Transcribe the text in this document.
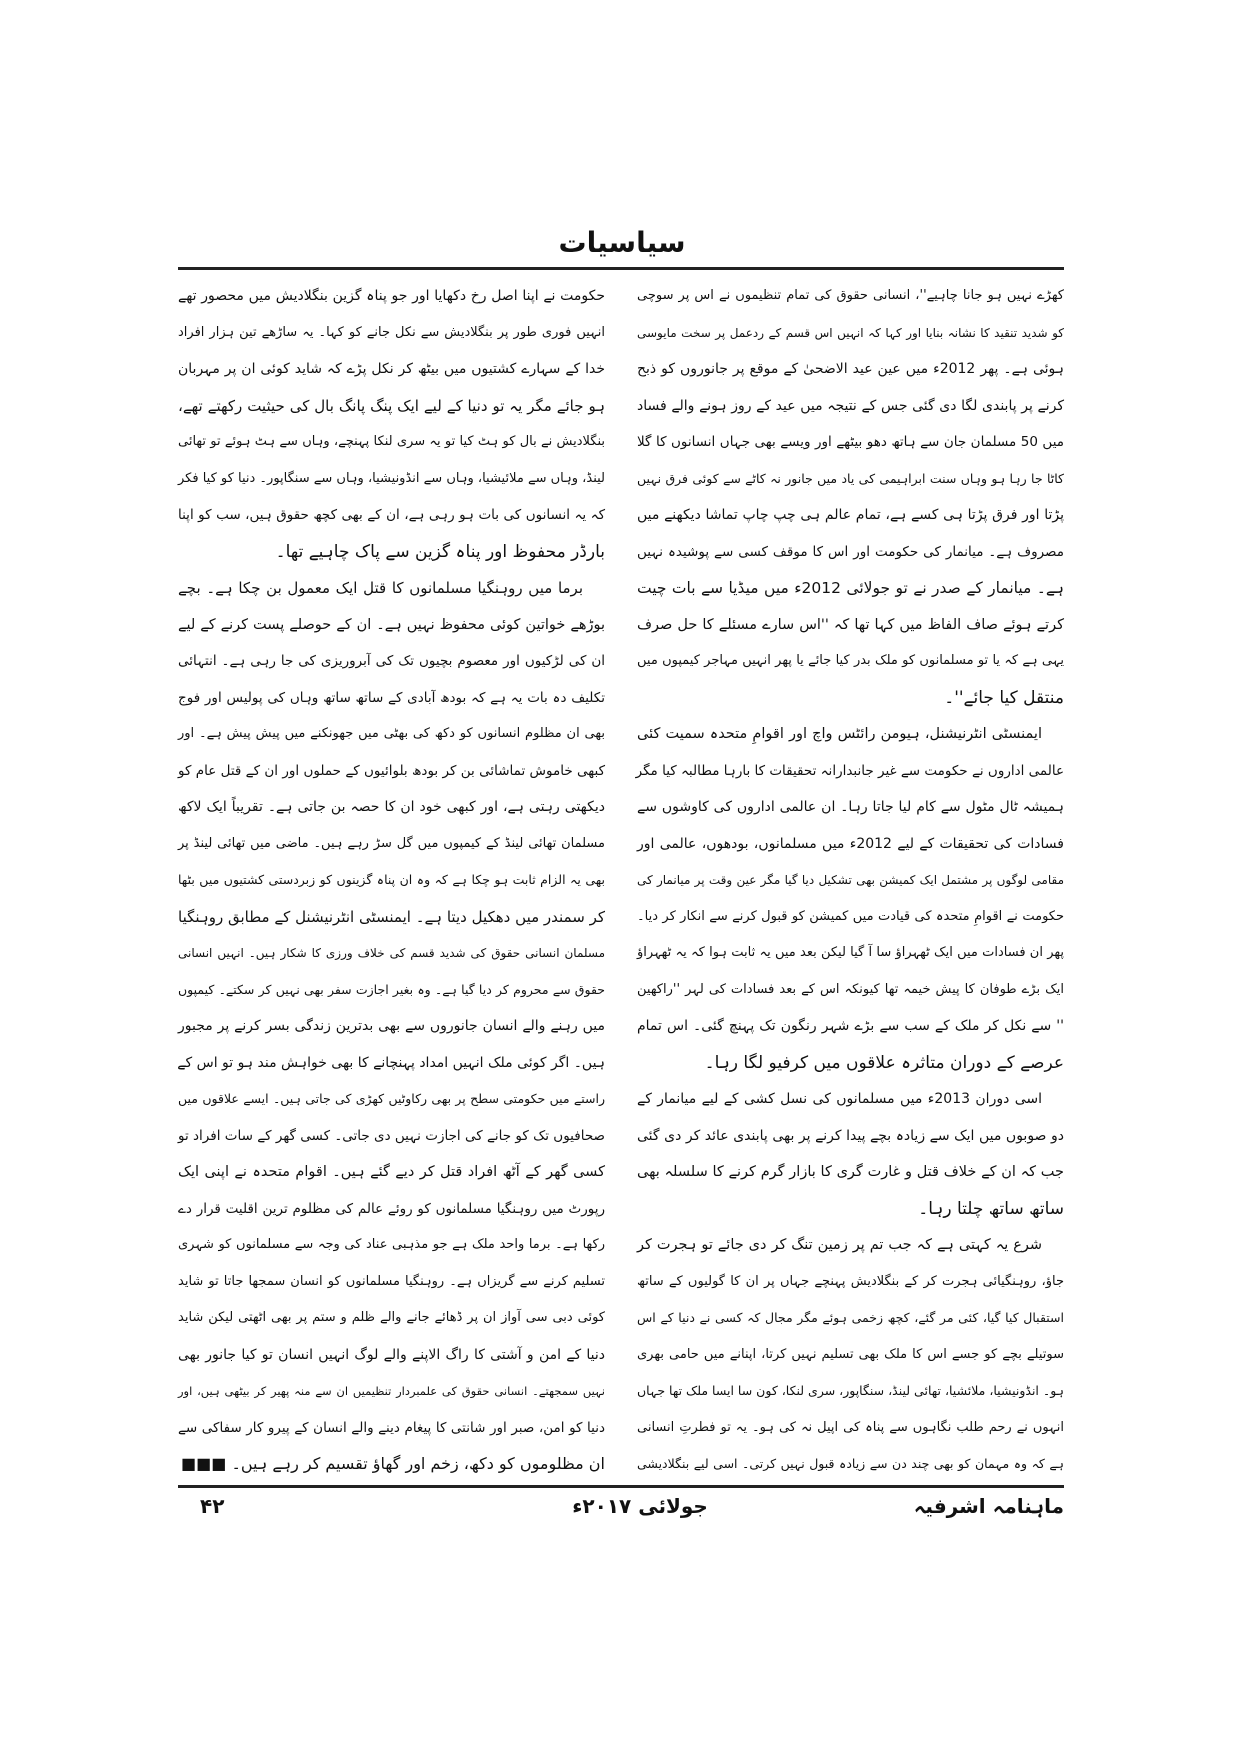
سیاسیات
کھڑے نہیں ہو جانا چاہیے''، انسانی حقوق کی تمام تنظیموں نے اس پر سوچی
کو شدید تنقید کا نشانہ بنایا اور کہا کہ انہیں اس قسم کے ردعمل پر سخت مایوسی
ہوئی ہے۔ پھر 2012ء میں عین عید الاضحیٰ کے موقع پر جانوروں کو ذبح
کرنے پر پابندی لگا دی گئی جس کے نتیجہ میں عید کے روز ہونے والے فساد
میں 50 مسلمان جان سے ہاتھ دھو بیٹھے اور ویسے بھی جہاں انسانوں کا گلا
کاٹا جا رہا ہو وہاں سنت ابراہیمی کی یاد میں جانور نہ کاٹے سے کوئی فرق نہیں
پڑتا اور فرق پڑتا ہی کسے ہے، تمام عالم ہی چپ چاپ تماشا دیکھنے میں
مصروف ہے۔ میانمار کی حکومت اور اس کا موقف کسی سے پوشیدہ نہیں
ہے۔ میانمار کے صدر نے تو جولائی 2012ء میں میڈیا سے بات چیت
کرتے ہوئے صاف الفاظ میں کہا تھا کہ ''اس سارے مسئلے کا حل صرف
یہی ہے کہ یا تو مسلمانوں کو ملک بدر کیا جائے یا پھر انہیں مہاجر کیمپوں میں
منتقل کیا جائے''۔
ایمنسٹی انٹرنیشنل، ہیومن رائٹس واچ اور اقوامِ متحدہ سمیت کئی
عالمی اداروں نے حکومت سے غیر جانبدارانہ تحقیقات کا بارہا مطالبہ کیا مگر
ہمیشہ ٹال مٹول سے کام لیا جاتا رہا۔ ان عالمی اداروں کی کاوشوں سے
فسادات کی تحقیقات کے لیے 2012ء میں مسلمانوں، بودھوں، عالمی اور
مقامی لوگوں پر مشتمل ایک کمیشن بھی تشکیل دیا گیا مگر عین وقت پر میانمار کی
حکومت نے اقوامِ متحدہ کی قیادت میں کمیشن کو قبول کرنے سے انکار کر دیا۔
پھر ان فسادات میں ایک ٹھہراؤ سا آ گیا لیکن بعد میں یہ ثابت ہوا کہ یہ ٹھہراؤ
ایک بڑے طوفان کا پیش خیمہ تھا کیونکہ اس کے بعد فسادات کی لہر ''راکھین
'' سے نکل کر ملک کے سب سے بڑے شہر رنگون تک پہنچ گئی۔ اس تمام
عرصے کے دوران متاثرہ علاقوں میں کرفیو لگا رہا۔
اسی دوران 2013ء میں مسلمانوں کی نسل کشی کے لیے میانمار کے
دو صوبوں میں ایک سے زیادہ بچے پیدا کرنے پر بھی پابندی عائد کر دی گئی
جب کہ ان کے خلاف قتل و غارت گری کا بازار گرم کرنے کا سلسلہ بھی
ساتھ ساتھ چلتا رہا۔
شرع یہ کہتی ہے کہ جب تم پر زمین تنگ کر دی جائے تو ہجرت کر
جاؤ، روہنگیائی ہجرت کر کے بنگلادیش پہنچے جہاں پر ان کا گولیوں کے ساتھ
استقبال کیا گیا، کئی مر گئے، کچھ زخمی ہوئے مگر مجال کہ کسی نے دنیا کے اس
سوتیلے بچے کو جسے اس کا ملک بھی تسلیم نہیں کرتا، اپنانے میں حامی بھری
ہو۔ انڈونیشیا، ملائشیا، تھائی لینڈ، سنگاپور، سری لنکا، کون سا ایسا ملک تھا جہاں
انہوں نے رحم طلب نگاہوں سے پناہ کی اپیل نہ کی ہو۔ یہ تو فطرتِ انسانی
ہے کہ وہ مہمان کو بھی چند دن سے زیادہ قبول نہیں کرتی۔ اسی لیے بنگلادیشی
حکومت نے اپنا اصل رخ دکھایا اور جو پناہ گزین بنگلادیش میں محصور تھے
انہیں فوری طور پر بنگلادیش سے نکل جانے کو کہا۔ یہ ساڑھے تین ہزار افراد
خدا کے سہارے کشتیوں میں بیٹھ کر نکل پڑے کہ شاید کوئی ان پر مہربان
ہو جائے مگر یہ تو دنیا کے لیے ایک پنگ پانگ بال کی حیثیت رکھتے تھے،
بنگلادیش نے بال کو ہٹ کیا تو یہ سری لنکا پہنچے، وہاں سے ہٹ ہوئے تو تھائی
لینڈ، وہاں سے ملائیشیا، وہاں سے انڈونیشیا، وہاں سے سنگاپور۔ دنیا کو کیا فکر
کہ یہ انسانوں کی بات ہو رہی ہے، ان کے بھی کچھ حقوق ہیں، سب کو اپنا
بارڈر محفوظ اور پناہ گزین سے پاک چاہیے تھا۔
برما میں روہنگیا مسلمانوں کا قتل ایک معمول بن چکا ہے۔ بچے
بوڑھے خواتین کوئی محفوظ نہیں ہے۔ ان کے حوصلے پست کرنے کے لیے
ان کی لڑکیوں اور معصوم بچیوں تک کی آبروریزی کی جا رہی ہے۔ انتہائی
تکلیف دہ بات یہ ہے کہ بودھ آبادی کے ساتھ ساتھ وہاں کی پولیس اور فوج
بھی ان مظلوم انسانوں کو دکھ کی بھٹی میں جھونکنے میں پیش پیش ہے۔ اور
کبھی خاموش تماشائی بن کر بودھ بلوائیوں کے حملوں اور ان کے قتل عام کو
دیکھتی رہتی ہے، اور کبھی خود ان کا حصہ بن جاتی ہے۔ تقریباً ایک لاکھ
مسلمان تھائی لینڈ کے کیمپوں میں گل سڑ رہے ہیں۔ ماضی میں تھائی لینڈ پر
بھی یہ الزام ثابت ہو چکا ہے کہ وہ ان پناہ گزینوں کو زبردستی کشتیوں میں بٹھا
کر سمندر میں دھکیل دیتا ہے۔ ایمنسٹی انٹرنیشنل کے مطابق روہنگیا
مسلمان انسانی حقوق کی شدید قسم کی خلاف ورزی کا شکار ہیں۔ انہیں انسانی
حقوق سے محروم کر دیا گیا ہے۔ وہ بغیر اجازت سفر بھی نہیں کر سکتے۔ کیمپوں
میں رہنے والے انسان جانوروں سے بھی بدترین زندگی بسر کرنے پر مجبور
ہیں۔ اگر کوئی ملک انہیں امداد پہنچانے کا بھی خواہش مند ہو تو اس کے
راستے میں حکومتی سطح پر بھی رکاوٹیں کھڑی کی جاتی ہیں۔ ایسے علاقوں میں
صحافیوں تک کو جانے کی اجازت نہیں دی جاتی۔ کسی گھر کے سات افراد تو
کسی گھر کے آٹھ افراد قتل کر دیے گئے ہیں۔ اقوام متحدہ نے اپنی ایک
رپورٹ میں روہنگیا مسلمانوں کو روئے عالم کی مظلوم ترین اقلیت قرار دے
رکھا ہے۔ برما واحد ملک ہے جو مذہبی عناد کی وجہ سے مسلمانوں کو شہری
تسلیم کرنے سے گریزاں ہے۔ روہنگیا مسلمانوں کو انسان سمجھا جاتا تو شاید
کوئی دبی سی آواز ان پر ڈھائے جانے والے ظلم و ستم پر بھی اٹھتی لیکن شاید
دنیا کے امن و آشتی کا راگ الاپنے والے لوگ انہیں انسان تو کیا جانور بھی
نہیں سمجھتے۔ انسانی حقوق کی علمبردار تنظیمیں ان سے منہ پھیر کر بیٹھی ہیں، اور
دنیا کو امن، صبر اور شانتی کا پیغام دینے والے انسان کے پیرو کار سفاکی سے
ان مظلوموں کو دکھ، زخم اور گھاؤ تقسیم کر رہے ہیں۔ ■■■
ماہنامہ اشرفیہ
جولائی ۲۰۱۷ء
۴۲
